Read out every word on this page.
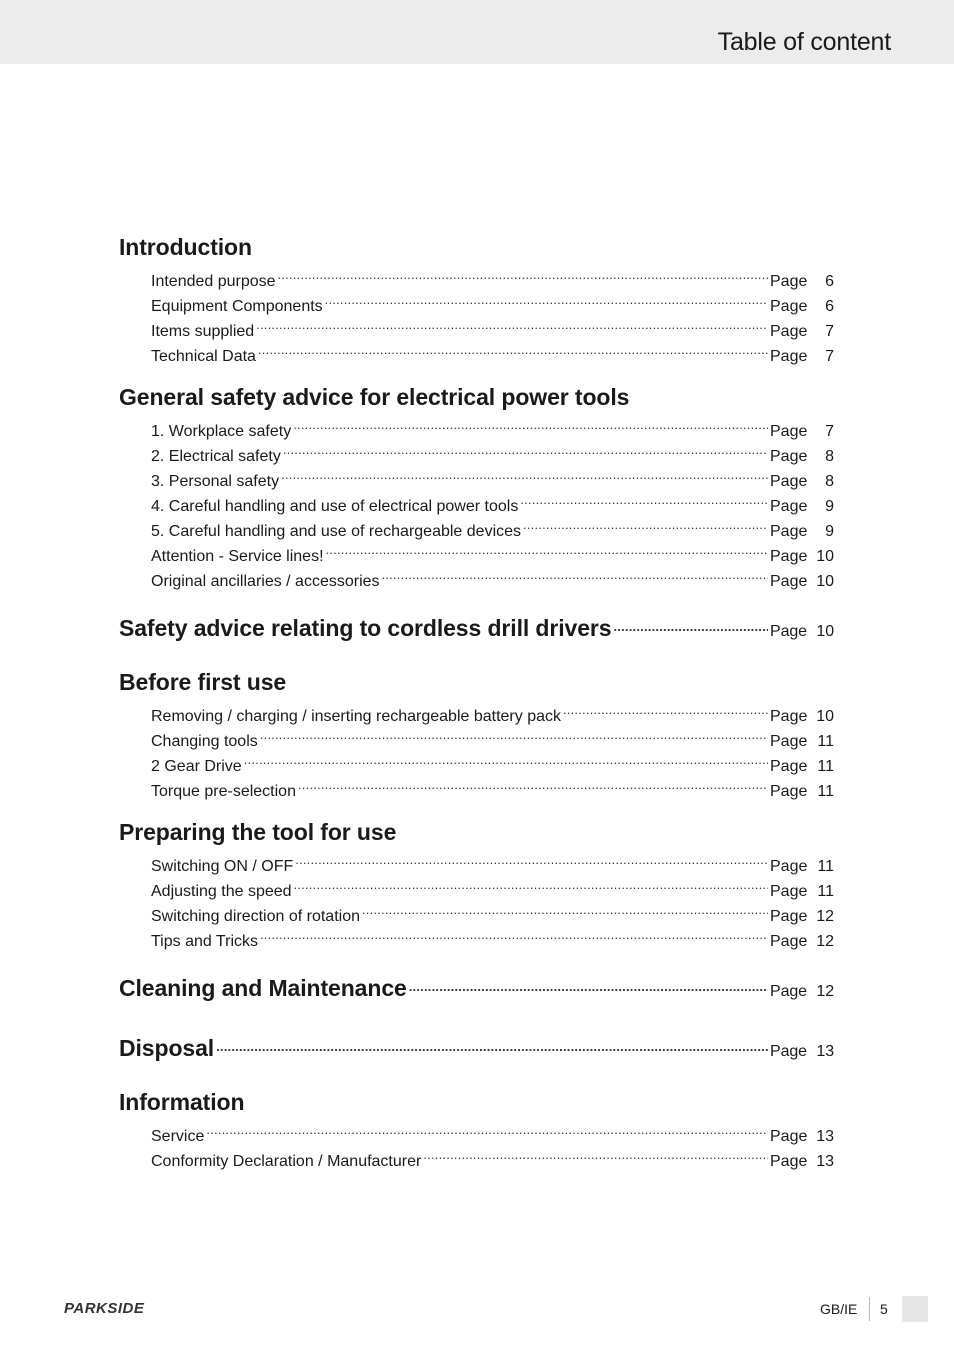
Table of content
Introduction
Intended purpose .....	Page	6
Equipment Components .....	Page	6
Items supplied .....	Page	7
Technical Data .....	Page	7
General safety advice for electrical power tools
1. Workplace safety .....	Page	7
2. Electrical safety .....	Page	8
3. Personal safety .....	Page	8
4. Careful handling and use of electrical power tools .....	Page	9
5. Careful handling and use of rechargeable devices .....	Page	9
Attention - Service lines! .....	Page 10
Original ancillaries / accessories .....	Page 10
Safety advice relating to cordless drill drivers .....	Page 10
Before first use
Removing / charging / inserting rechargeable battery pack .....	Page 10
Changing tools .....	Page 11
2 Gear Drive .....	Page 11
Torque pre-selection .....	Page 11
Preparing the tool for use
Switching ON / OFF .....	Page 11
Adjusting the speed .....	Page 11
Switching direction of rotation .....	Page 12
Tips and Tricks .....	Page 12
Cleaning and Maintenance .....	Page 12
Disposal .....	Page 13
Information
Service .....	Page 13
Conformity Declaration / Manufacturer .....	Page 13
PARKSIDE	GB/IE 5
